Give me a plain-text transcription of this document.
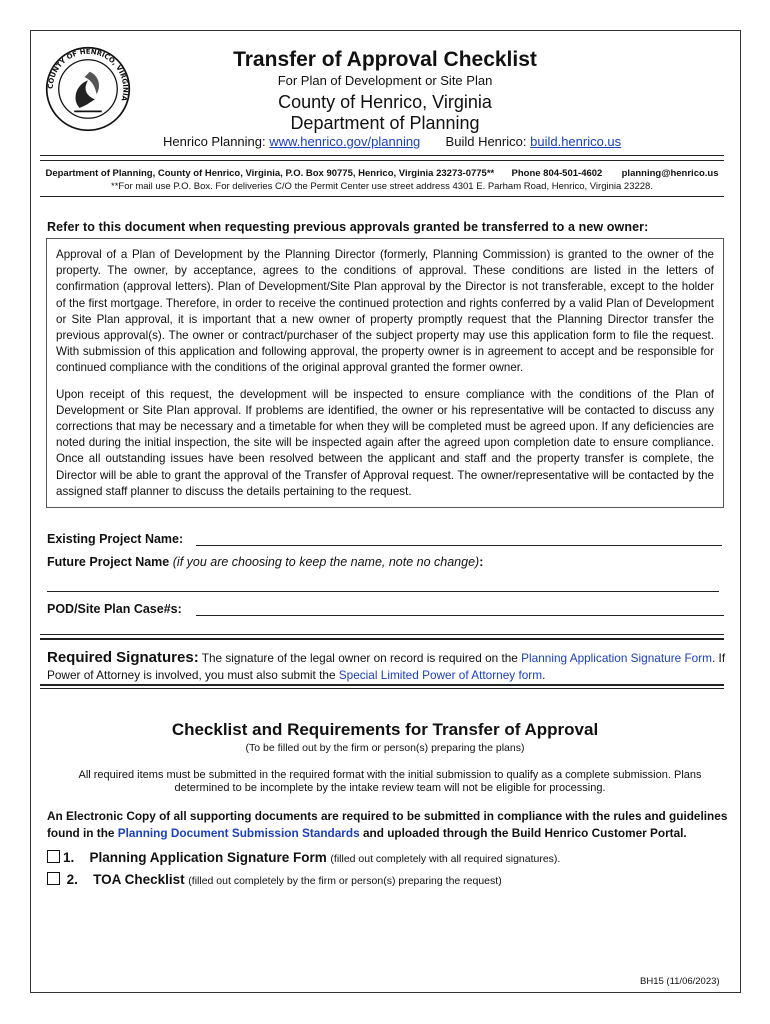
COUNTY OF HENRICO, VIRGINIA
Transfer of Approval Checklist
For Plan of Development or Site Plan
County of Henrico, Virginia
Department of Planning
Henrico Planning: www.henrico.gov/planning Build Henrico: build.henrico.us
Department of Planning, County of Henrico, Virginia, P.O. Box 90775, Henrico, Virginia 23273-0775** Phone 804-501-4602 planning@henrico.us
**For mail use P.O. Box. For deliveries C/O the Permit Center use street address 4301 E. Parham Road, Henrico, Virginia 23228.
Refer to this document when requesting previous approvals granted be transferred to a new owner:

Approval of a Plan of Development by the Planning Director (formerly, Planning Commission) is granted to the owner of the property. The owner, by acceptance, agrees to the conditions of approval. These conditions are listed in the letters of confirmation (approval letters). Plan of Development/Site Plan approval by the Director is not transferable, except to the holder of the first mortgage. Therefore, in order to receive the continued protection and rights conferred by a valid Plan of Development or Site Plan approval, it is important that a new owner of property promptly request that the Planning Director transfer the previous approval(s). The owner or contract/purchaser of the subject property may use this application form to file the request. With submission of this application and following approval, the property owner is in agreement to accept and be responsible for continued compliance with the conditions of the original approval granted the former owner.

Upon receipt of this request, the development will be inspected to ensure compliance with the conditions of the Plan of Development or Site Plan approval. If problems are identified, the owner or his representative will be contacted to discuss any corrections that may be necessary and a timetable for when they will be completed must be agreed upon. If any deficiencies are noted during the initial inspection, the site will be inspected again after the agreed upon completion date to ensure compliance. Once all outstanding issues have been resolved between the applicant and staff and the property transfer is complete, the Director will be able to grant the approval of the Transfer of Approval request. The owner/representative will be contacted by the assigned staff planner to discuss the details pertaining to the request.

Existing Project Name:
Future Project Name (if you are choosing to keep the name, note no change):
POD/Site Plan Case#s:
Required Signatures: The signature of the legal owner on record is required on the Planning Application Signature Form. If Power of Attorney is involved, you must also submit the Special Limited Power of Attorney form.
Checklist and Requirements for Transfer of Approval
(To be filled out by the firm or person(s) preparing the plans)
All required items must be submitted in the required format with the initial submission to qualify as a complete submission. Plans
determined to be incomplete by the intake review team will not be eligible for processing.
An Electronic Copy of all supporting documents are required to be submitted in compliance with the rules and guidelines found in the Planning Document Submission Standards and uploaded through the Build Henrico Customer Portal.
1. Planning Application Signature Form (filled out completely with all required signatures).
2. TOA Checklist (filled out completely by the firm or person(s) preparing the request)
BH15 (11/06/2023)
